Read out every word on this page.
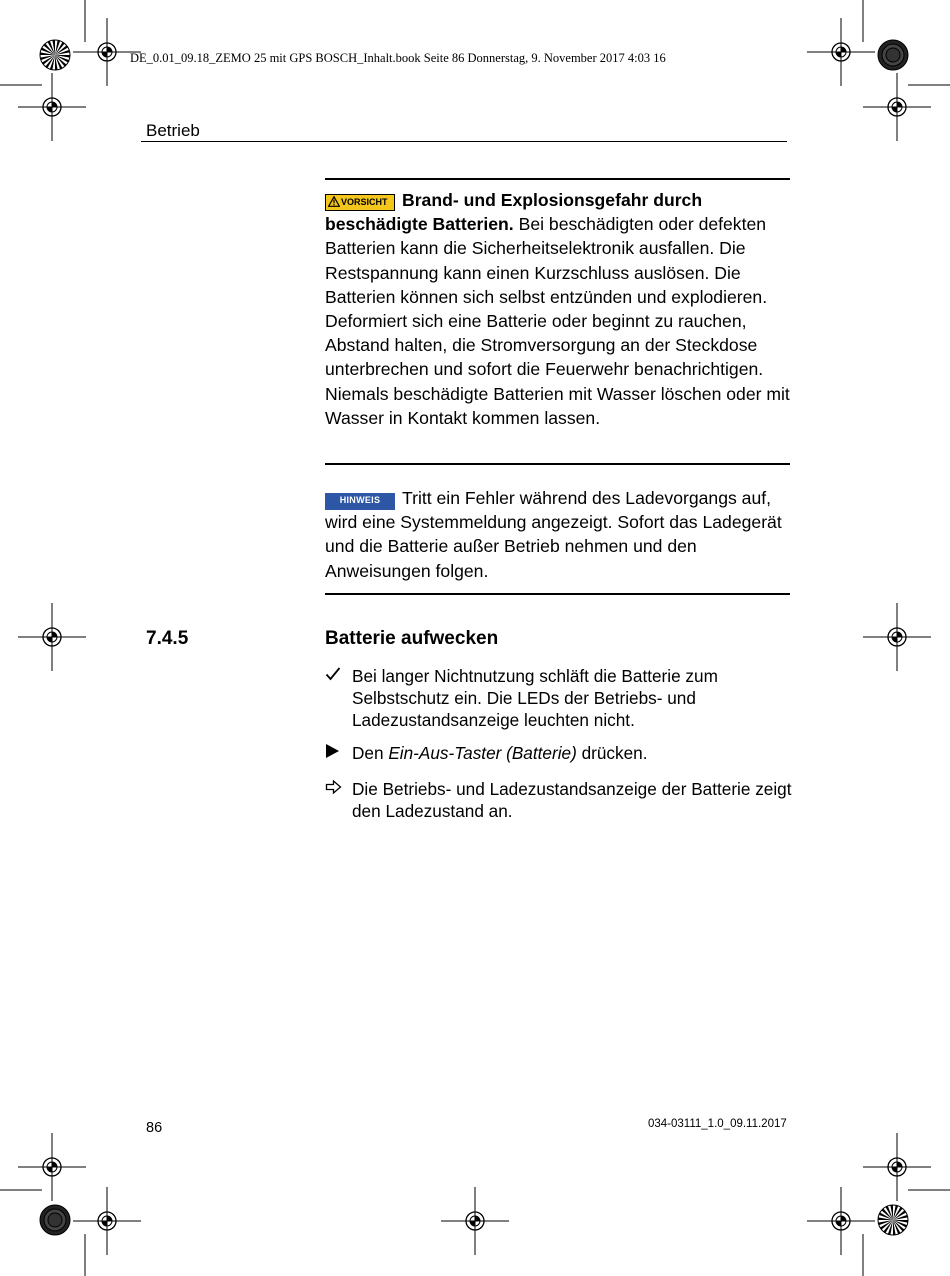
DE_0.01_09.18_ZEMO 25 mit GPS BOSCH_Inhalt.book Seite 86 Donnerstag, 9. November 2017 4:03 16
Betrieb
VORSICHT Brand- und Explosionsgefahr durch beschädigte Batterien. Bei beschädigten oder defekten Batterien kann die Sicherheitselektronik ausfallen. Die Restspannung kann einen Kurzschluss auslösen. Die Batterien können sich selbst entzünden und explodieren. Deformiert sich eine Batterie oder beginnt zu rauchen, Abstand halten, die Stromversorgung an der Steckdose unterbrechen und sofort die Feuerwehr benachrichtigen. Niemals beschädigte Batterien mit Wasser löschen oder mit Wasser in Kontakt kommen lassen.
HINWEIS Tritt ein Fehler während des Ladevorgangs auf, wird eine Systemmeldung angezeigt. Sofort das Ladegerät und die Batterie außer Betrieb nehmen und den Anweisungen folgen.
7.4.5	Batterie aufwecken
Bei langer Nichtnutzung schläft die Batterie zum Selbstschutz ein. Die LEDs der Betriebs- und Ladezustandsanzeige leuchten nicht.
Den Ein-Aus-Taster (Batterie) drücken.
Die Betriebs- und Ladezustandsanzeige der Batterie zeigt den Ladezustand an.
86	034-03111_1.0_09.11.2017
